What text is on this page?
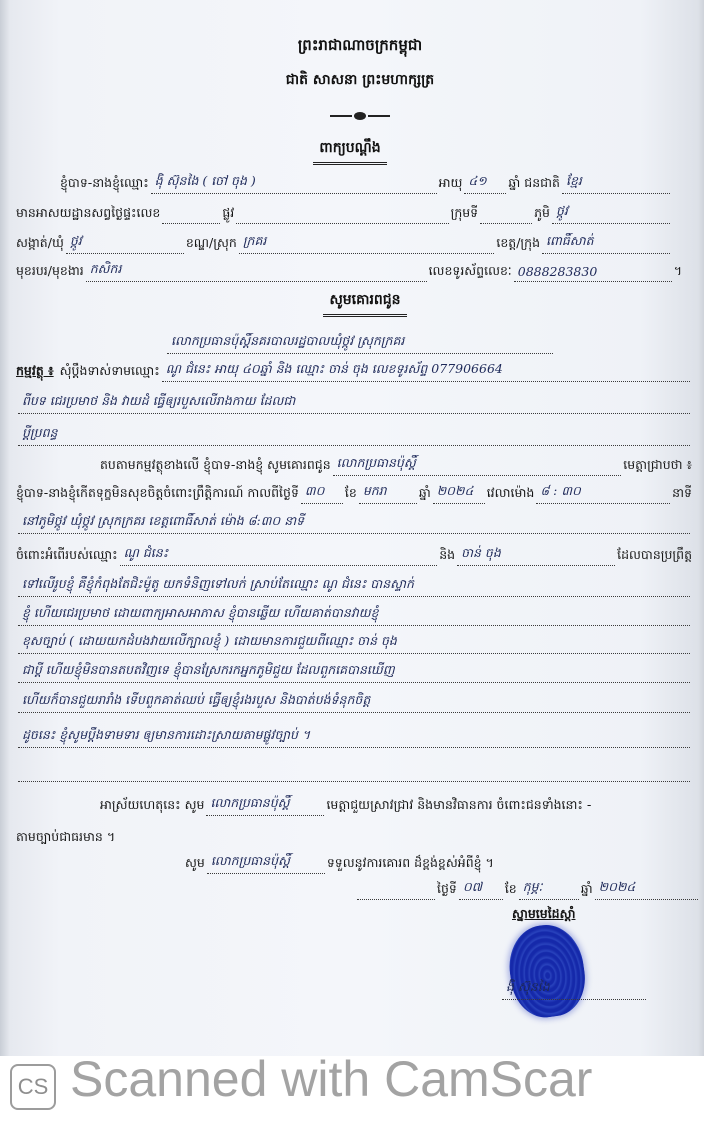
ព្រះរាជាណាចក្រកម្ពុជា
ជាតិ សាសនា ព្រះមហាក្សត្រ
ពាក្យបណ្តឹង
ខ្ញុំបាទ-នាងខ្ញុំឈ្មោះ ង៉ិ ស៊ុនងៃ ( ចៅ ចុង )	អាយុ ៤១	ឆ្នាំ ជនជាតិ ខ្មែរ
មានអាសយដ្ឋានសព្វថ្ងៃផ្ទះលេខ	ផ្លូវ	ក្រុមទី	ភូមិ ថ្កូវ
សង្កាត់/ឃុំ ថ្កូវ	ខណ្ឌ/ស្រុក ក្រគរ	ខេត្ត/ក្រុង ពោធិ៍សាត់
មុខរបរ/មុខងារ កសិករ	លេខទូរស័ព្ទលេខៈ 0888283830	។
សូមគោរពជូន
លោកប្រធានប៉ុស្តិ៍នគរបាលរដ្ឋបាលឃុំថ្កូវ ស្រុកក្រគរ
កម្មវត្ថុ ៖ សុំប្តឹងទាស់ទាមឈ្មោះ ណូ ជំនេះ អាយុ ៤០ឆ្នាំ និង ឈ្មោះ ចាន់ ចុង លេខទូរស័ព្ទ 077906664
ពីបទ ជេរប្រមាថ និង វាយដំ ធ្វើឲ្យរបួសលើរាងកាយ ដែលជា
ប្តីប្រពន្ធ
តបតាមកម្មវត្ថុខាងលើ ខ្ញុំបាទ-នាងខ្ញុំ សូមគោរពជូន លោកប្រធានប៉ុស្តិ៍	មេត្តាជ្រាបថា ៖
ខ្ញុំបាទ-នាងខ្ញុំកើតទុក្ខមិនសុខចិត្តចំពោះព្រឹត្តិការណ៍ កាលពីថ្ងៃទី ៣០	ខែ មករា	ឆ្នាំ ២០២៤	វេលាម៉ោង ៨ : ៣០	នាទី
នៅភូមិថ្កូវ ឃុំថ្កូវ ស្រុកក្រគរ ខេត្តពោធិ៍សាត់ ម៉ោង ៨:៣០ នាទី
ចំពោះអំពើរបស់ឈ្មោះ ណូ ជំនេះ	និង ចាន់ ចុង	ដែលបានប្រព្រឹត្ត
ទៅលើរូបខ្ញុំ គឺខ្ញុំកំពុងតែជិះម៉ូតូ យកទំនិញទៅលក់ ស្រាប់តែឈ្មោះ ណូ ជំនេះ បានស្ទាក់
ខ្ញុំ ហើយជេរប្រមាថ ដោយពាក្យអាសអាភាស ខ្ញុំបានឆ្លើយ ហើយគាត់បានវាយខ្ញុំ
ខុសច្បាប់ ( ដោយយកដំបងវាយលើក្បាលខ្ញុំ ) ដោយមានការជួយពីឈ្មោះ ចាន់ ចុង
ជាប្ដី ហើយខ្ញុំមិនបានតបតវិញទេ ខ្ញុំបានស្រែករកអ្នកភូមិជួយ ដែលពួកគេបានឃើញ
ហើយក៏បានជួយរារាំង ទើបពួកគាត់ឈប់ ធ្វើឲ្យខ្ញុំរងរបួស និងបាត់បង់ទំនុកចិត្ត
ដូចនេះ ខ្ញុំសូមប្ដឹងទាមទារ ឲ្យមានការដោះស្រាយតាមផ្លូវច្បាប់ ។
អាស្រ័យហេតុនេះ សូម លោកប្រធានប៉ុស្តិ៍	មេត្តាជួយស្រាវជ្រាវ និងមានវិធានការ ចំពោះជនទាំងនោះ -
តាមច្បាប់ជាធរមាន ។
សូម លោកប្រធានប៉ុស្តិ៍	ទទួលនូវការគោរព ដ៏ខ្ពង់ខ្ពស់អំពីខ្ញុំ ។
ថ្ងៃទី ០៧	ខែ កុម្ភៈ	ឆ្នាំ ២០២៤
ស្នាមមេដៃស្តាំ
ង៉ិ ស៊ុនងៃ
CS Scanned with CamScar
